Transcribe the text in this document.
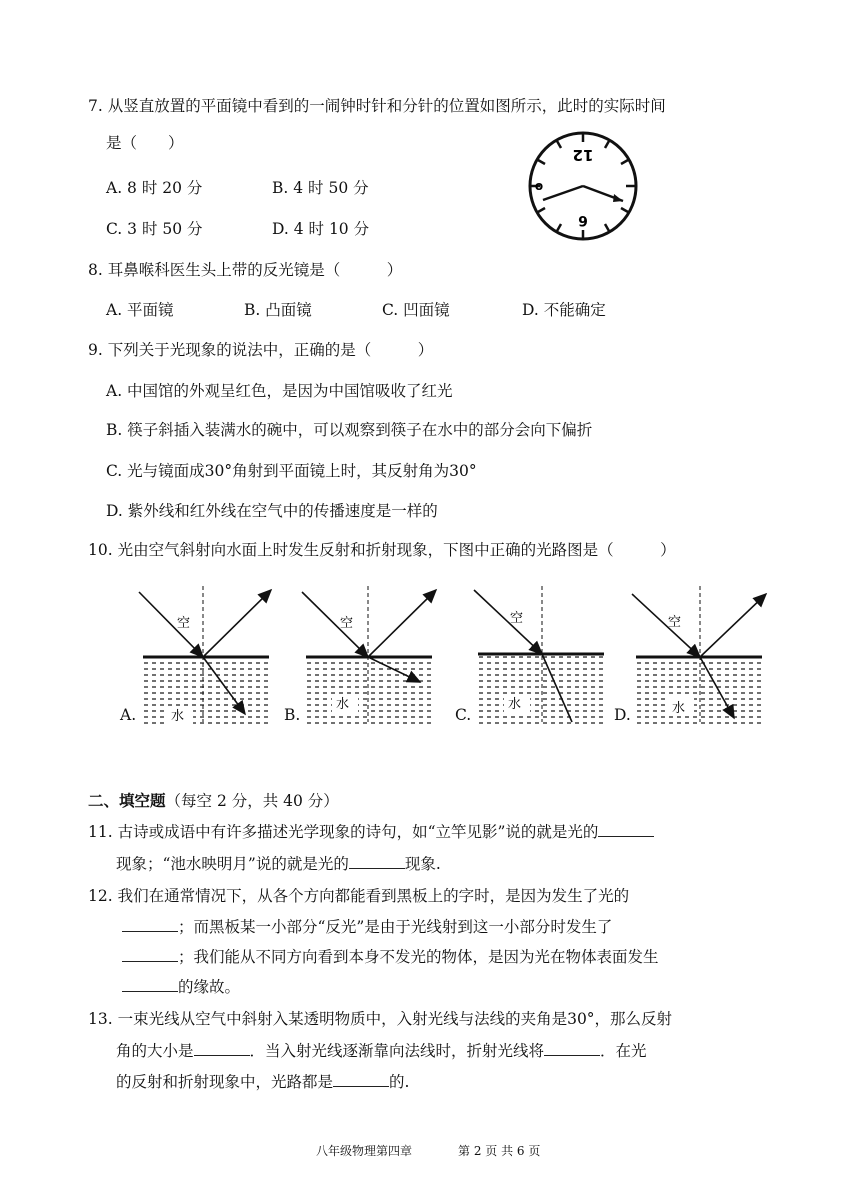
7. 从竖直放置的平面镜中看到的一闹钟时针和分针的位置如图所示，此时的实际时间
是（　　）
A. 8 时 20 分	B. 4 时 50 分
C. 3 时 50 分	D. 4 时 10 分
12
6
o
8. 耳鼻喉科医生头上带的反光镜是（　　　）
A. 平面镜	B. 凸面镜	C. 凹面镜	D. 不能确定
9. 下列关于光现象的说法中，正确的是（　　　）
A. 中国馆的外观呈红色，是因为中国馆吸收了红光
B. 筷子斜插入装满水的碗中，可以观察到筷子在水中的部分会向下偏折
C. 光与镜面成30°角射到平面镜上时，其反射角为30°
D. 紫外线和红外线在空气中的传播速度是一样的
10. 光由空气斜射向水面上时发生反射和折射现象，下图中正确的光路图是（　　　）
A.
空
水	B.
空
水
C.
空
水
D.
空
水
二、填空题（每空 2 分，共 40 分）
11. 古诗或成语中有许多描述光学现象的诗句，如“立竿见影”说的就是光的
现象；“池水映明月”说的就是光的	现象.
12. 我们在通常情况下，从各个方向都能看到黑板上的字时，是因为发生了光的
；而黑板某一小部分“反光”是由于光线射到这一小部分时发生了
；我们能从不同方向看到本身不发光的物体，是因为光在物体表面发生
的缘故。
13. 一束光线从空气中斜射入某透明物质中，入射光线与法线的夹角是30°，那么反射
角的大小是	．当入射光线逐渐靠向法线时，折射光线将	．在光
的反射和折射现象中，光路都是	的.
八年级物理第四章	第 2 页 共 6 页
